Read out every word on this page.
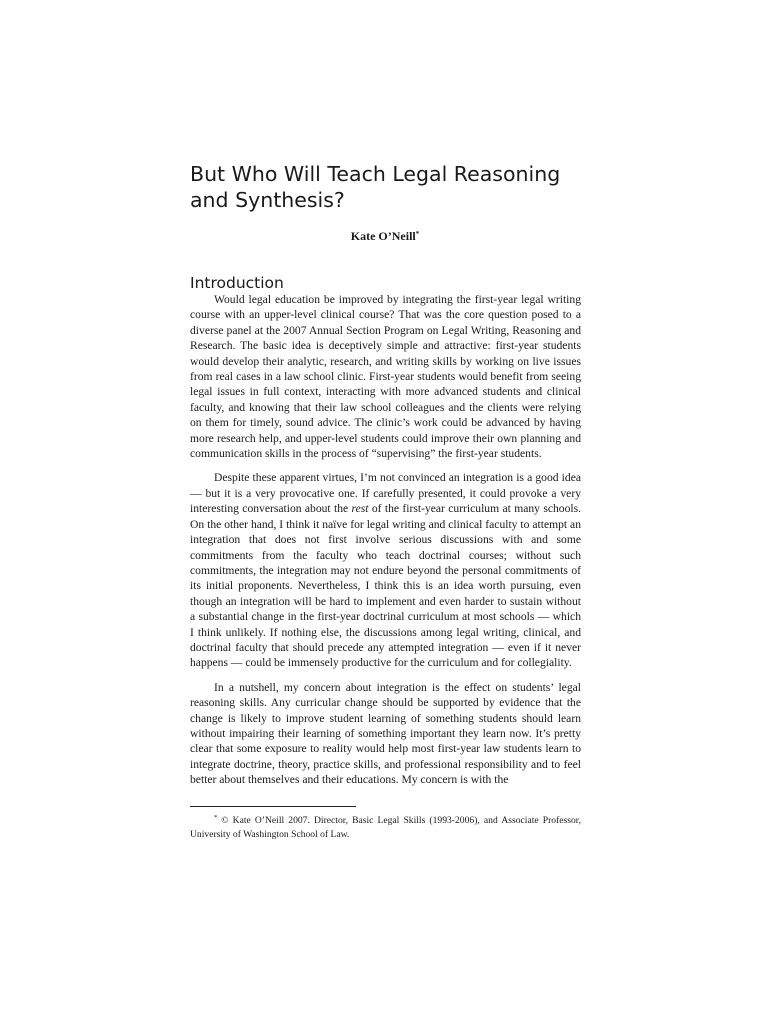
But Who Will Teach Legal Reasoning and Synthesis?
Kate O’Neill*
Introduction

Would legal education be improved by integrating the first-year legal writing course with an upper-level clinical course? That was the core question posed to a diverse panel at the 2007 Annual Section Program on Legal Writing, Reasoning and Research. The basic idea is deceptively simple and attractive: first-year students would develop their analytic, research, and writing skills by working on live issues from real cases in a law school clinic. First-year students would benefit from seeing legal issues in full context, interacting with more advanced students and clinical faculty, and knowing that their law school colleagues and the clients were relying on them for timely, sound advice. The clinic’s work could be advanced by having more research help, and upper-level students could improve their own planning and communication skills in the process of “supervising” the first-year students.

Despite these apparent virtues, I’m not convinced an integration is a good idea — but it is a very provocative one. If carefully presented, it could provoke a very interesting conversation about the rest of the first-year curriculum at many schools. On the other hand, I think it naïve for legal writing and clinical faculty to attempt an integration that does not first involve serious discussions with and some commitments from the faculty who teach doctrinal courses; without such commitments, the integration may not endure beyond the personal commitments of its initial proponents. Nevertheless, I think this is an idea worth pursuing, even though an integration will be hard to implement and even harder to sustain without a substantial change in the first-year doctrinal curriculum at most schools — which I think unlikely. If nothing else, the discussions among legal writing, clinical, and doctrinal faculty that should precede any attempted integration — even if it never happens — could be immensely productive for the curriculum and for collegiality.

In a nutshell, my concern about integration is the effect on students’ legal reasoning skills. Any curricular change should be supported by evidence that the change is likely to improve student learning of something students should learn without impairing their learning of something important they learn now. It’s pretty clear that some exposure to reality would help most first-year law students learn to integrate doctrine, theory, practice skills, and professional responsibility and to feel better about themselves and their educations. My concern is with the

* © Kate O’Neill 2007. Director, Basic Legal Skills (1993-2006), and Associate Professor, University of Washington School of Law.
